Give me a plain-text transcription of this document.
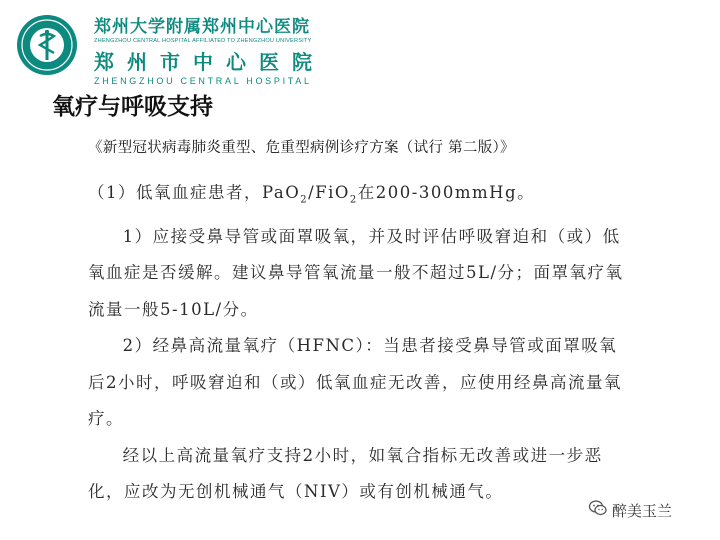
郑州大学附属郑州中心医院
ZHENGZHOU CENTRAL HOSPITAL AFFILIATED TO ZHENGZHOU UNIVERSITY
郑州市中心医院
ZHENGZHOU CENTRAL HOSPITAL
氧疗与呼吸支持
《新型冠状病毒肺炎重型、危重型病例诊疗方案（试行 第二版）》

（1）低氧血症患者，PaO$_2$/FiO$_2$在200-300mmHg。

1）应接受鼻导管或面罩吸氧，并及时评估呼吸窘迫和（或）低氧血症是否缓解。建议鼻导管氧流量一般不超过5L/分；面罩氧疗氧流量一般5-10L/分。

2）经鼻高流量氧疗（HFNC）：当患者接受鼻导管或面罩吸氧后2小时，呼吸窘迫和（或）低氧血症无改善，应使用经鼻高流量氧疗。

经以上高流量氧疗支持2小时，如氧合指标无改善或进一步恶化，应改为无创机械通气（NIV）或有创机械通气。

醉美玉兰
